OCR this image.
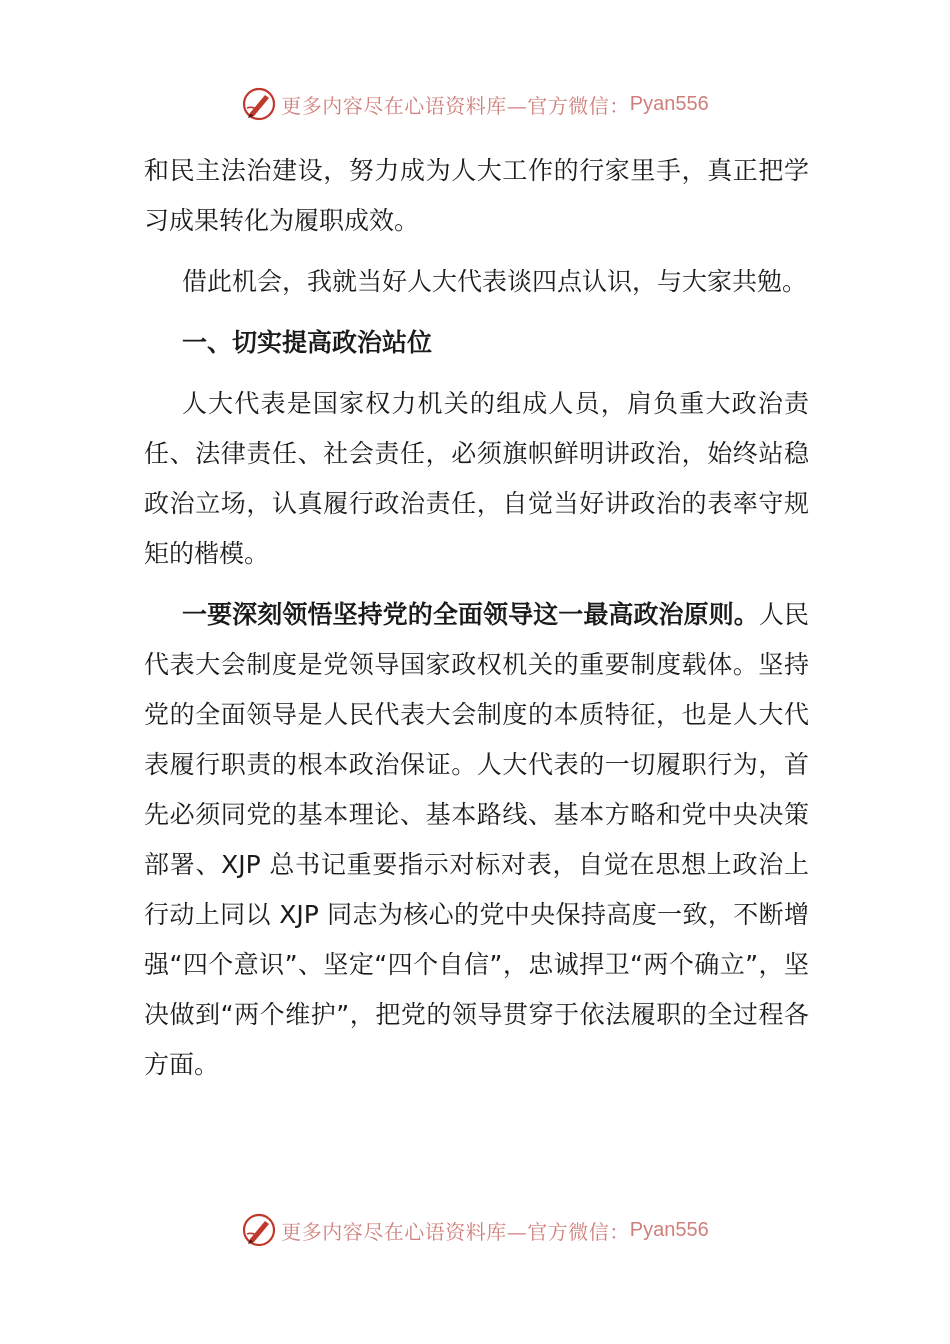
更多内容尽在心语资料库—官方微信： Pyan556

和民主法治建设，努力成为人大工作的行家里手，真正把学习成果转化为履职成效。

借此机会，我就当好人大代表谈四点认识，与大家共勉。

一、切实提高政治站位

人大代表是国家权力机关的组成人员，肩负重大政治责任、法律责任、社会责任，必须旗帜鲜明讲政治，始终站稳政治立场，认真履行政治责任，自觉当好讲政治的表率守规矩的楷模。

一要深刻领悟坚持党的全面领导这一最高政治原则。人民代表大会制度是党领导国家政权机关的重要制度载体。坚持党的全面领导是人民代表大会制度的本质特征，也是人大代表履行职责的根本政治保证。人大代表的一切履职行为，首先必须同党的基本理论、基本路线、基本方略和党中央决策部署、XJP 总书记重要指示对标对表，自觉在思想上政治上行动上同以 XJP 同志为核心的党中央保持高度一致，不断增强“四个意识”、坚定“四个自信”，忠诚捍卫“两个确立”，坚决做到“两个维护”，把党的领导贯穿于依法履职的全过程各方面。

更多内容尽在心语资料库—官方微信： Pyan556
